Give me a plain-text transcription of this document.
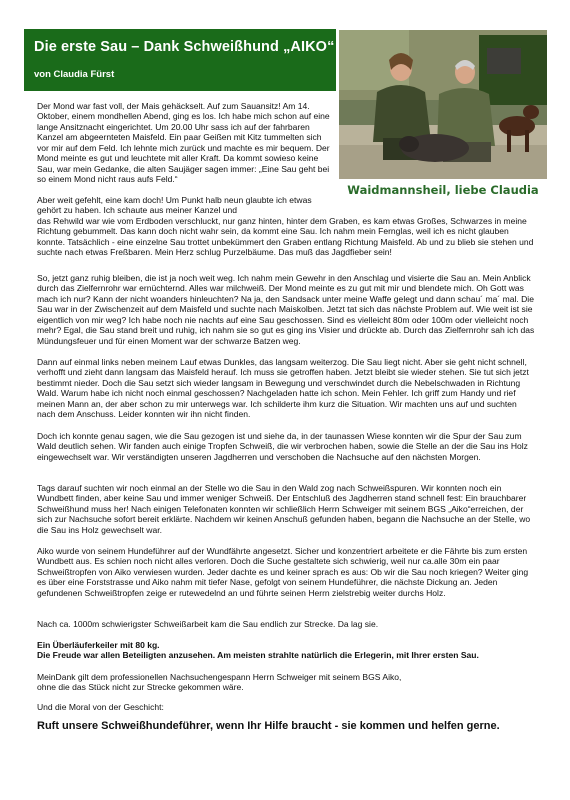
Die erste Sau – Dank Schweißhund „AIKO“
von Claudia Fürst
Waidmannsheil, liebe Claudia
Der Mond war fast voll, der Mais gehäckselt. Auf zum Sauansitz! Am 14. Oktober, einem mondhellen Abend, ging es los. Ich habe mich schon auf eine lange Ansitznacht eingerichtet. Um 20.00 Uhr sass ich auf der fahrbaren Kanzel am abgeernteten Maisfeld. Ein paar Geißen mit Kitz tummelten sich vor mir auf dem Feld. Ich lehnte mich zurück und machte es mir bequem. Der Mond meinte es gut und leuchtete mit aller Kraft. Da kommt sowieso keine Sau, war mein Gedanke, die alten Saujäger sagen immer: „Eine Sau geht bei so einem Mond nicht raus aufs Feld.“
Aber weit gefehlt, eine kam doch! Um Punkt halb neun glaubte ich etwas gehört zu haben. Ich schaute aus meiner Kanzel und
das Rehwild war wie vom Erdboden verschluckt, nur ganz hinten, hinter dem Graben, es kam etwas Großes, Schwarzes in meine Richtung gebummelt. Das kann doch nicht wahr sein, da kommt eine Sau. Ich nahm mein Fernglas, weil ich es nicht glauben konnte. Tatsächlich - eine einzelne Sau trottet unbekümmert den Graben entlang Richtung Maisfeld. Ab und zu blieb sie stehen und suchte nach etwas Freßbaren. Mein Herz schlug Purzelbäume. Das muß das Jagdfieber sein!
So, jetzt ganz ruhig bleiben, die ist ja noch weit weg. Ich nahm mein Gewehr in den Anschlag und visierte die Sau an. Mein Anblick durch das Zielfernrohr war ernüchternd. Alles war milchweiß. Der Mond meinte es zu gut mit mir und blendete mich. Oh Gott was mach ich nur? Kann der nicht woanders hinleuchten? Na ja, den Sandsack unter meine Waffe gelegt und dann schau´ ma´ mal. Die Sau war in der Zwischenzeit auf dem Maisfeld und suchte nach Maiskolben. Jetzt tat sich das nächste Problem auf. Wie weit ist sie eigentlich von mir weg? Ich habe noch nie nachts auf eine Sau geschossen. Sind es vielleicht 80m oder 100m oder vielleicht noch mehr? Egal, die Sau stand breit und ruhig, ich nahm sie so gut es ging ins Visier und drückte ab. Durch das Zielfernrohr sah ich das Mündungsfeuer und für einen Moment war der schwarze Batzen weg.
Dann auf einmal links neben meinem Lauf etwas Dunkles, das langsam weiterzog. Die Sau liegt nicht. Aber sie geht nicht schnell, verhofft und zieht dann langsam das Maisfeld herauf. Ich muss sie getroffen haben. Jetzt bleibt sie wieder stehen. Sie tut sich jetzt bestimmt nieder. Doch die Sau setzt sich wieder langsam in Bewegung und verschwindet durch die Nebelschwaden in Richtung Wald. Warum habe ich nicht noch einmal geschossen? Nachgeladen hatte ich schon. Mein Fehler. Ich griff zum Handy und rief meinen Mann an, der aber schon zu mir unterwegs war. Ich schilderte ihm kurz die Situation. Wir machten uns auf und suchten nach dem Anschuss. Leider konnten wir ihn nicht finden.
Doch ich konnte genau sagen, wie die Sau gezogen ist und siehe da, in der taunassen Wiese konnten wir die Spur der Sau zum Wald deutlich sehen. Wir fanden auch einige Tropfen Schweiß, die wir verbrochen haben, sowie die Stelle an der die Sau ins Holz eingewechselt war. Wir verständigten unseren Jagdherren und verschoben die Nachsuche auf den nächsten Morgen.
Tags darauf suchten wir noch einmal an der Stelle wo die Sau in den Wald zog nach Schweißspuren. Wir konnten noch ein Wundbett finden, aber keine Sau und immer weniger Schweiß. Der Entschluß des Jagdherren stand schnell fest: Ein brauchbarer Schweißhund muss her! Nach einigen Telefonaten konnten wir schließlich Herrn Schweiger mit seinem BGS „Aiko“erreichen, der sich zur Nachsuche sofort bereit erklärte. Nachdem wir keinen Anschuß gefunden haben, begann die Nachsuche an der Stelle, wo die Sau ins Holz gewechselt war.
Aiko wurde von seinem Hundeführer auf der Wundfährte angesetzt. Sicher und konzentriert arbeitete er die Fährte bis zum ersten Wundbett aus. Es schien noch nicht alles verloren. Doch die Suche gestaltete sich schwierig, weil nur ca.alle 30m ein paar Schweißtropfen von Aiko verwiesen wurden. Jeder dachte es und keiner sprach es aus: Ob wir die Sau noch kriegen? Weiter ging es über eine Forststrasse und Aiko nahm mit tiefer Nase, gefolgt von seinem Hundeführer, die nächste Dickung an. Jeden gefundenen Schweißtropfen zeige er rutewedelnd an und führte seinen Herrn zielstrebig weiter durchs Holz.
Nach ca. 1000m schwierigster Schweißarbeit kam die Sau endlich zur Strecke. Da lag sie.
Ein Überläuferkeiler mit 80 kg.
Die Freude war allen Beteiligten anzusehen. Am meisten strahlte natürlich die Erlegerin, mit Ihrer ersten Sau.
MeinDank gilt dem professionellen Nachsuchengespann Herrn Schweiger mit seinem BGS Aiko,
ohne die das Stück nicht zur Strecke gekommen wäre.
Und die Moral von der Geschicht:
Ruft unsere Schweißhundeführer, wenn Ihr Hilfe braucht - sie kommen und helfen gerne.
